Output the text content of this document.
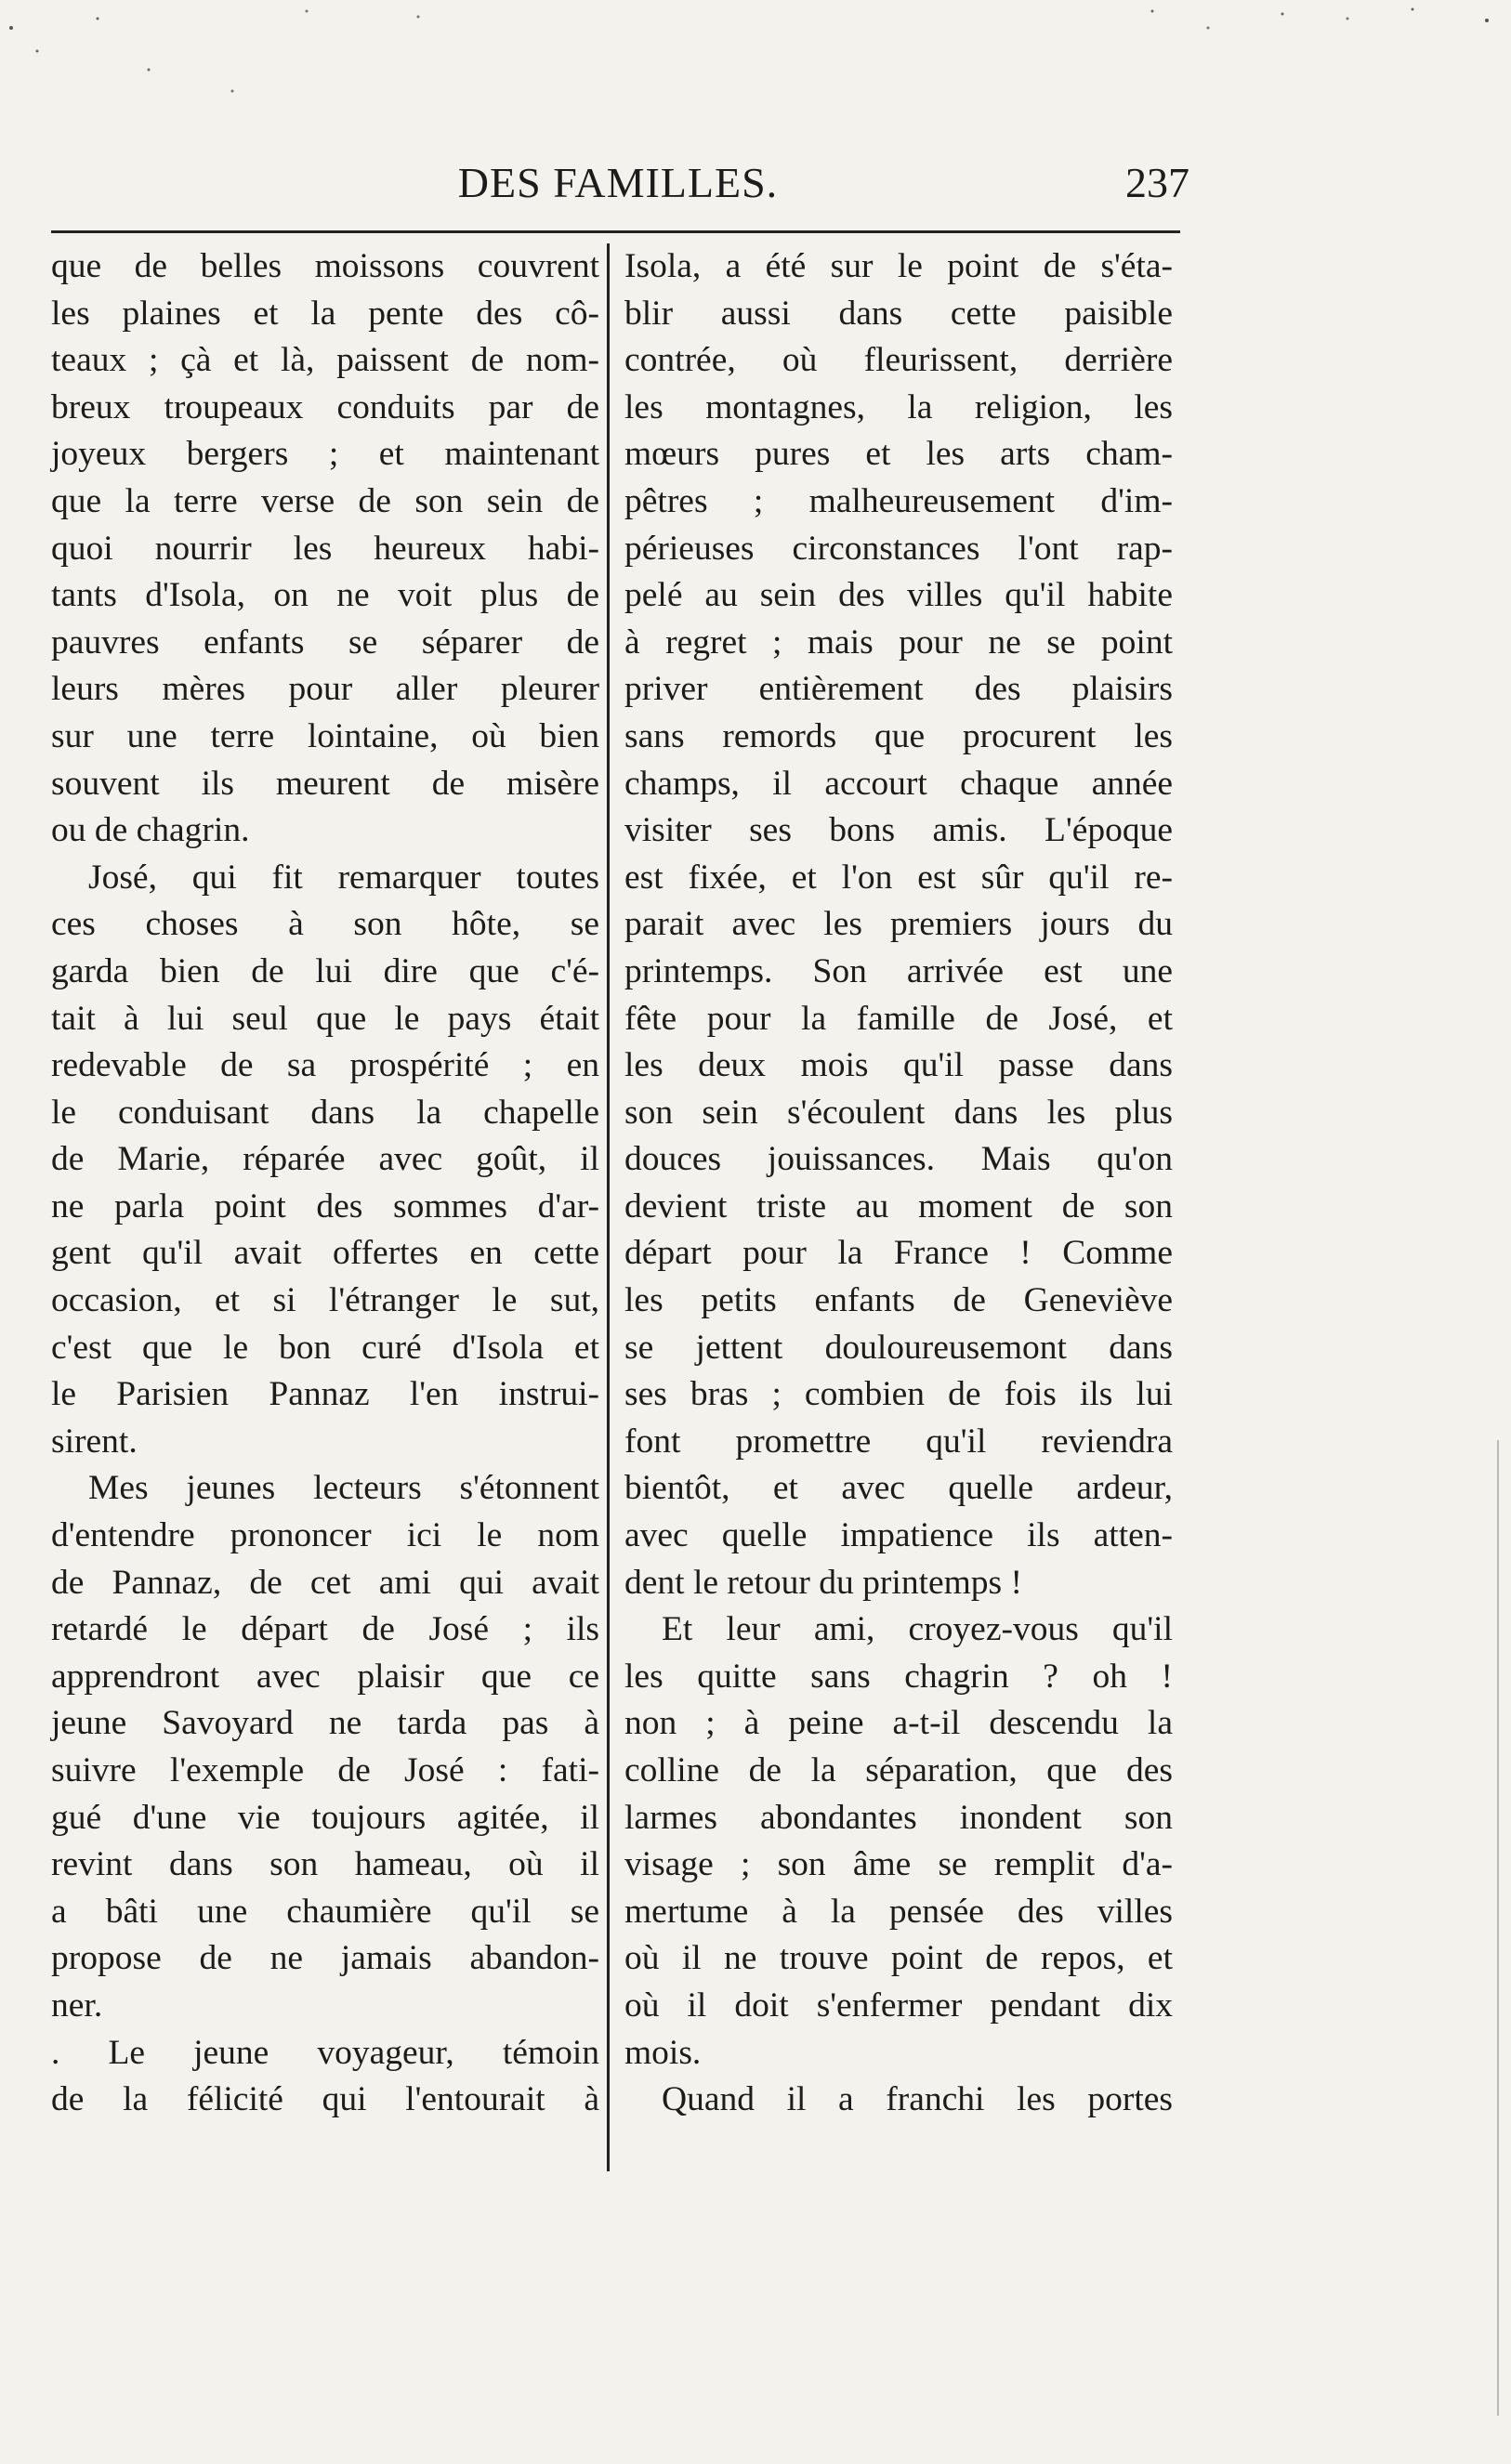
DES FAMILLES.	237
que de belles moissons couvrent
les plaines et la pente des cô-
teaux ; çà et là, paissent de nom-
breux troupeaux conduits par de
joyeux bergers ; et maintenant
que la terre verse de son sein de
quoi nourrir les heureux habi-
tants d'Isola, on ne voit plus de
pauvres enfants se séparer de
leurs mères pour aller pleurer
sur une terre lointaine, où bien
souvent ils meurent de misère
ou de chagrin.
José, qui fit remarquer toutes
ces choses à son hôte, se
garda bien de lui dire que c'é-
tait à lui seul que le pays était
redevable de sa prospérité ; en
le conduisant dans la chapelle
de Marie, réparée avec goût, il
ne parla point des sommes d'ar-
gent qu'il avait offertes en cette
occasion, et si l'étranger le sut,
c'est que le bon curé d'Isola et
le Parisien Pannaz l'en instrui-
sirent.
Mes jeunes lecteurs s'étonnent
d'entendre prononcer ici le nom
de Pannaz, de cet ami qui avait
retardé le départ de José ; ils
apprendront avec plaisir que ce
jeune Savoyard ne tarda pas à
suivre l'exemple de José : fati-
gué d'une vie toujours agitée, il
revint dans son hameau, où il
a bâti une chaumière qu'il se
propose de ne jamais abandon-
ner.
. Le jeune voyageur, témoin
de la félicité qui l'entourait à
Isola, a été sur le point de s'éta-
blir aussi dans cette paisible
contrée, où fleurissent, derrière
les montagnes, la religion, les
mœurs pures et les arts cham-
pêtres ; malheureusement d'im-
périeuses circonstances l'ont rap-
pelé au sein des villes qu'il habite
à regret ; mais pour ne se point
priver entièrement des plaisirs
sans remords que procurent les
champs, il accourt chaque année
visiter ses bons amis. L'époque
est fixée, et l'on est sûr qu'il re-
parait avec les premiers jours du
printemps. Son arrivée est une
fête pour la famille de José, et
les deux mois qu'il passe dans
son sein s'écoulent dans les plus
douces jouissances. Mais qu'on
devient triste au moment de son
départ pour la France ! Comme
les petits enfants de Geneviève
se jettent douloureusemont dans
ses bras ; combien de fois ils lui
font promettre qu'il reviendra
bientôt, et avec quelle ardeur,
avec quelle impatience ils atten-
dent le retour du printemps !
Et leur ami, croyez-vous qu'il
les quitte sans chagrin ? oh !
non ; à peine a-t-il descendu la
colline de la séparation, que des
larmes abondantes inondent son
visage ; son âme se remplit d'a-
mertume à la pensée des villes
où il ne trouve point de repos, et
où il doit s'enfermer pendant dix
mois.
Quand il a franchi les portes
